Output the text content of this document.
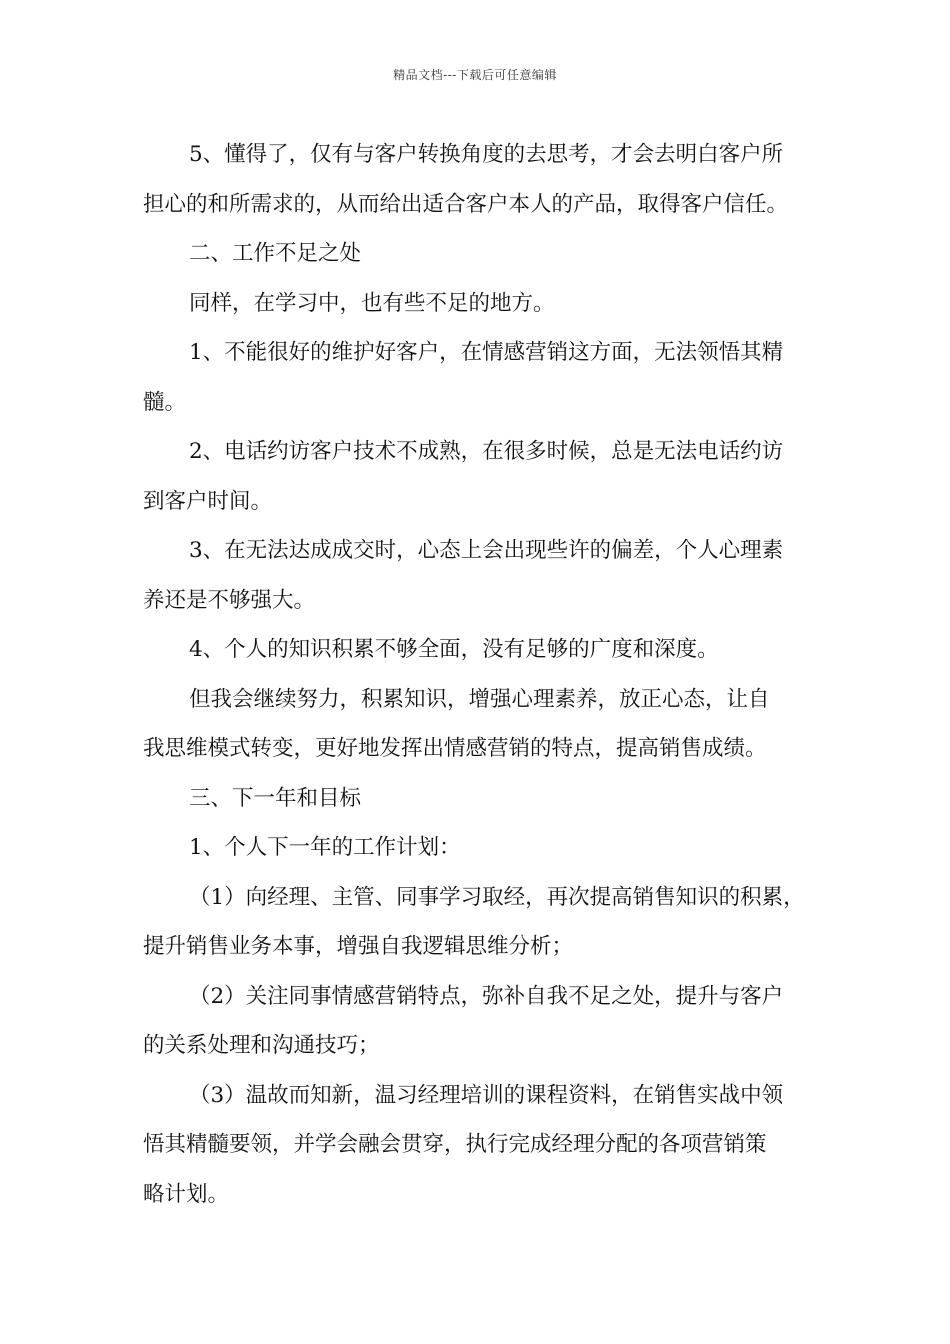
精品文档---下载后可任意编辑

5、懂得了，仅有与客户转换角度的去思考，才会去明白客户所
担心的和所需求的，从而给出适合客户本人的产品，取得客户信任。

二、工作不足之处

同样，在学习中，也有些不足的地方。

1、不能很好的维护好客户，在情感营销这方面，无法领悟其精
髓。

2、电话约访客户技术不成熟，在很多时候，总是无法电话约访
到客户时间。

3、在无法达成成交时，心态上会出现些许的偏差，个人心理素
养还是不够强大。

4、个人的知识积累不够全面，没有足够的广度和深度。

但我会继续努力，积累知识，增强心理素养，放正心态，让自
我思维模式转变，更好地发挥出情感营销的特点，提高销售成绩。

三、下一年和目标

1、个人下一年的工作计划：

（1）向经理、主管、同事学习取经，再次提高销售知识的积累，
提升销售业务本事，增强自我逻辑思维分析；

（2）关注同事情感营销特点，弥补自我不足之处，提升与客户
的关系处理和沟通技巧；

（3）温故而知新，温习经理培训的课程资料，在销售实战中领
悟其精髓要领，并学会融会贯穿，执行完成经理分配的各项营销策
略计划。
